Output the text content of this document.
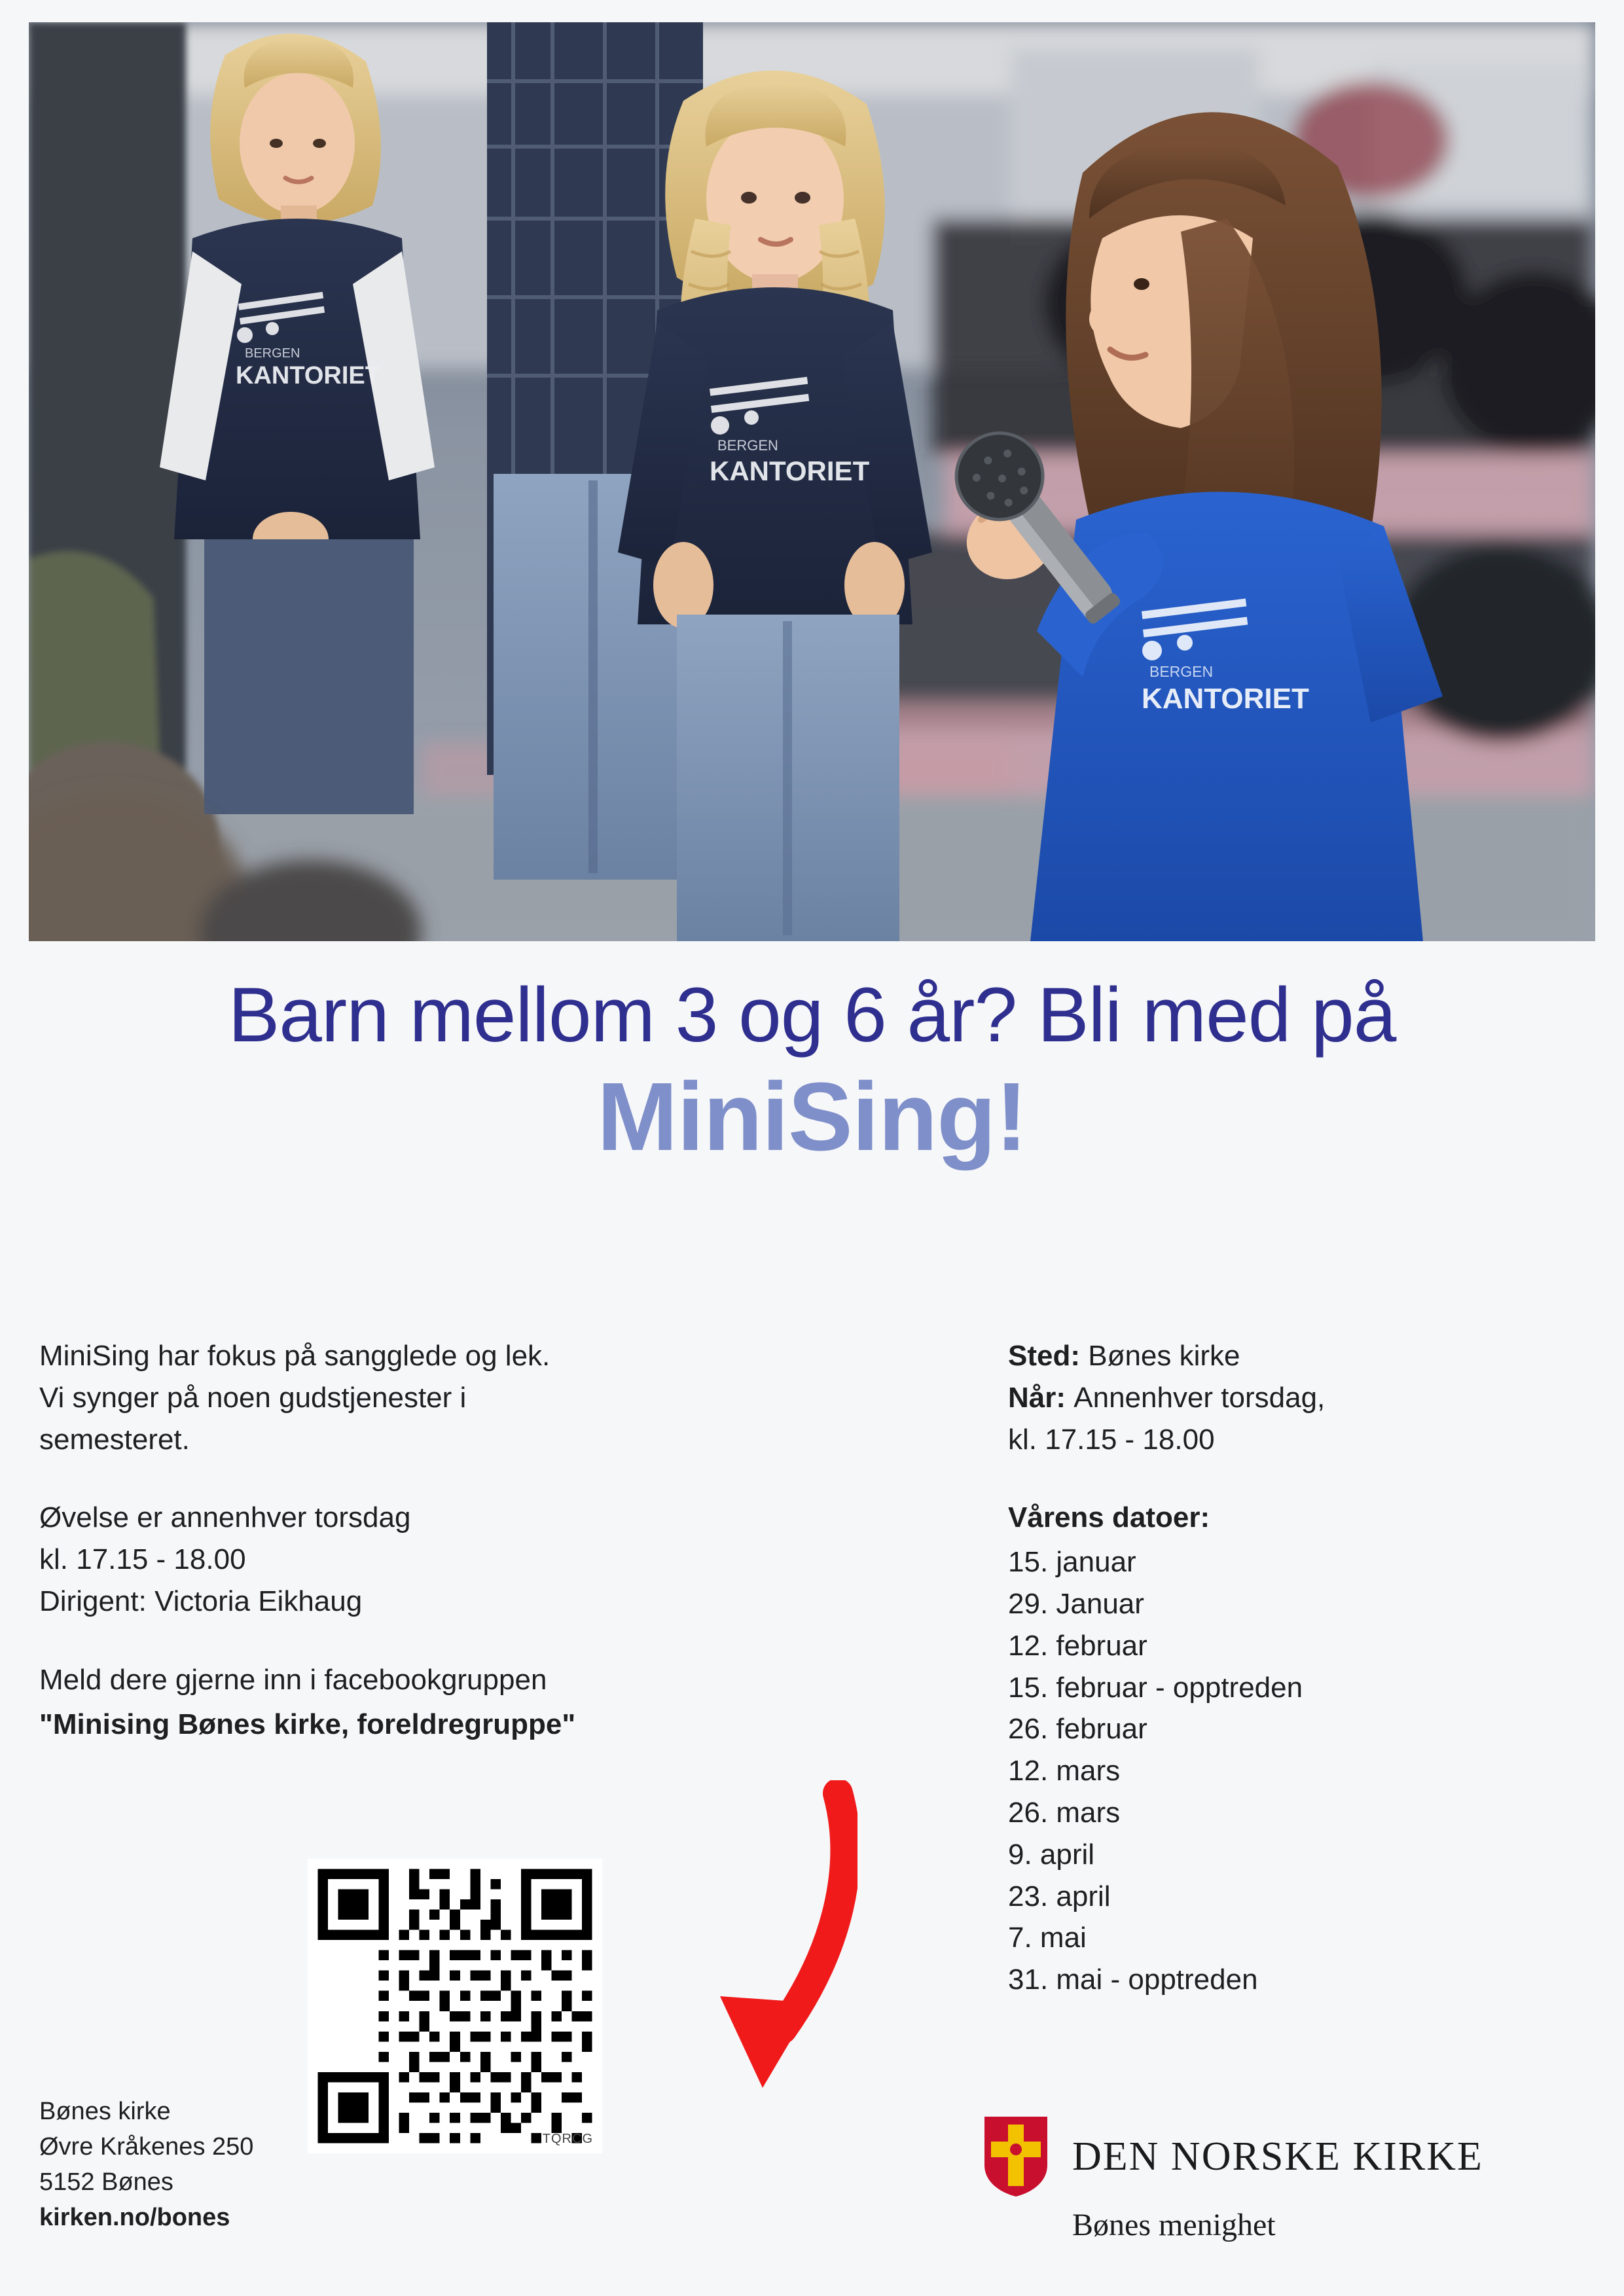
KANTORIET
BERGEN
KANTORIET
BERGEN
KANTORIET
BERGEN
Barn mellom 3 og 6 år? Bli med på
MiniSing!
MiniSing har fokus på sangglede og lek.
Vi synger på noen gudstjenester i
semesteret.
Øvelse er annenhver torsdag
kl. 17.15 - 18.00
Dirigent: Victoria Eikhaug
Meld dere gjerne inn i facebookgruppen
"Minising Bønes kirke, foreldregruppe"
TQRCG
Sted: Bønes kirke
Når: Annenhver torsdag,
kl. 17.15 - 18.00
Vårens datoer:
15. januar
29. Januar
12. februar
15. februar - opptreden
26. februar
12. mars
26. mars
9. april
23. april
7. mai
31. mai - opptreden
Bønes kirke
Øvre Kråkenes 250
5152 Bønes
kirken.no/bones
DEN NORSKE KIRKE
Bønes menighet
